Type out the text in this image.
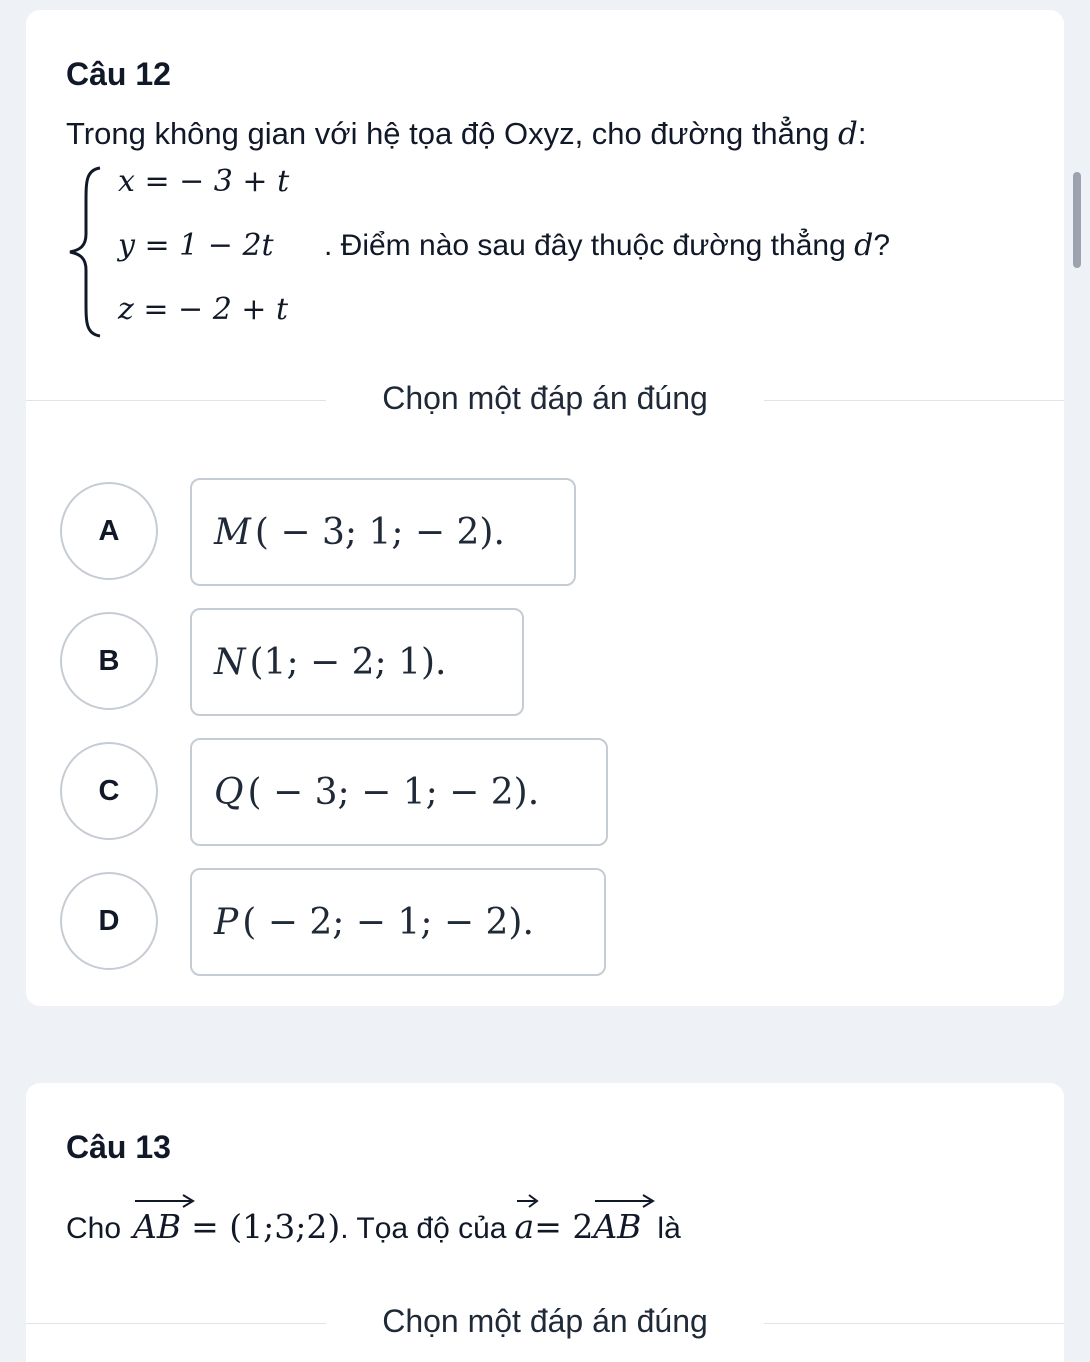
Câu 12
Trong không gian với hệ tọa độ Oxyz, cho đường thẳng d:
x = − 3 + t
y = 1 − 2t
z = − 2 + t
. Điểm nào sau đây thuộc đường thẳng d?
Chọn một đáp án đúng
A	M ( − 3; 1; − 2).
B	N (1; − 2; 1).
C	Q ( − 3; − 1; − 2).
D	P ( − 2; − 1; − 2).
Câu 13
Cho AB = (1;3;2) . Tọa độ của a = 2 AB là
Chọn một đáp án đúng
